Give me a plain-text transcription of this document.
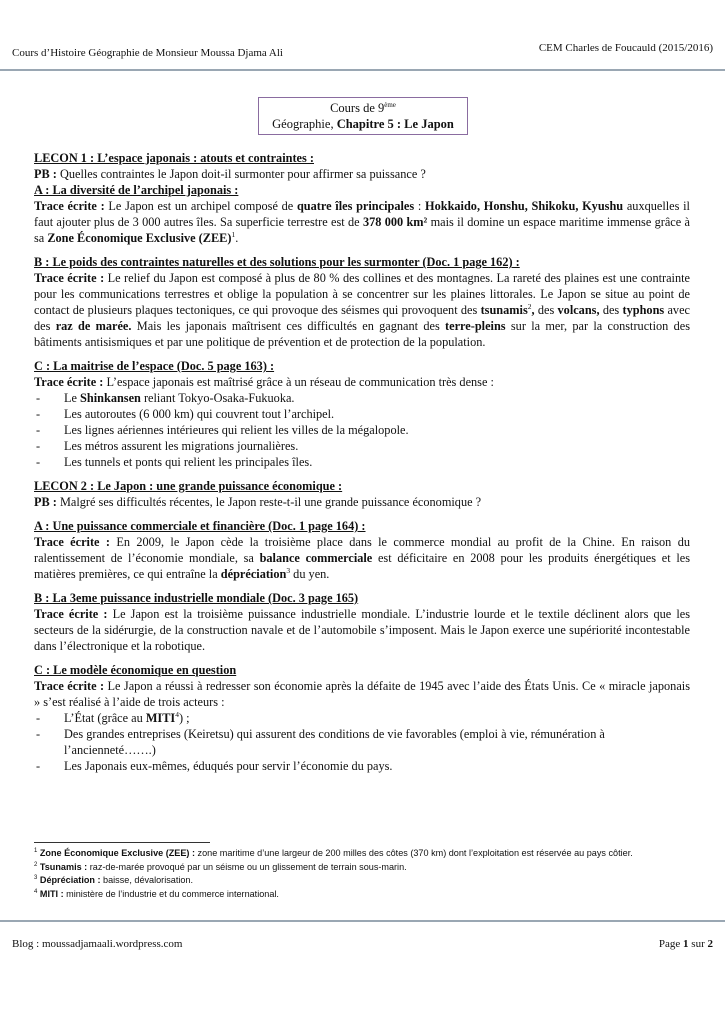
Cours d’Histoire Géographie de Monsieur Moussa Djama Ali	CEM Charles de Foucauld (2015/2016)
Cours de 9ème
Géographie, Chapitre 5 : Le Japon

LECON 1 : L’espace japonais : atouts et contraintes :

PB : Quelles contraintes le Japon doit-il surmonter pour affirmer sa puissance ?

A : La diversité de l’archipel japonais :

Trace écrite : Le Japon est un archipel composé de quatre îles principales : Hokkaido, Honshu, Shikoku, Kyushu auxquelles il faut ajouter plus de 3 000 autres îles. Sa superficie terrestre est de 378 000 km² mais il domine un espace maritime immense grâce à sa Zone Économique Exclusive (ZEE)$^1$.

B : Le poids des contraintes naturelles et des solutions pour les surmonter (Doc. 1 page 162) :

Trace écrite : Le relief du Japon est composé à plus de 80 % des collines et des montagnes. La rareté des plaines est une contrainte pour les communications terrestres et oblige la population à se concentrer sur les plaines littorales. Le Japon se situe au point de contact de plusieurs plaques tectoniques, ce qui provoque des séismes qui provoquent des tsunamis$^2$, des volcans, des typhons avec des raz de marée. Mais les japonais maîtrisent ces difficultés en gagnant des terre-pleins sur la mer, par la construction des bâtiments antisismiques et par une politique de prévention et de protection de la population.

C : La maitrise de l’espace (Doc. 5 page 163) :

Trace écrite : L’espace japonais est maîtrisé grâce à un réseau de communication très dense :

- Le Shinkansen reliant Tokyo-Osaka-Fukuoka.
- Les autoroutes (6 000 km) qui couvrent tout l’archipel.
- Les lignes aériennes intérieures qui relient les villes de la mégalopole.
- Les métros assurent les migrations journalières.
- Les tunnels et ponts qui relient les principales îles.

LECON 2 : Le Japon : une grande puissance économique :

PB : Malgré ses difficultés récentes, le Japon reste-t-il une grande puissance économique ?

A : Une puissance commerciale et financière (Doc. 1 page 164) :

Trace écrite : En 2009, le Japon cède la troisième place dans le commerce mondial au profit de la Chine. En raison du ralentissement de l’économie mondiale, sa balance commerciale est déficitaire en 2008 pour les produits énergétiques et les matières premières, ce qui entraîne la dépréciation$^3$ du yen.

B : La 3eme puissance industrielle mondiale (Doc. 3 page 165)

Trace écrite : Le Japon est la troisième puissance industrielle mondiale. L’industrie lourde et le textile déclinent alors que les secteurs de la sidérurgie, de la construction navale et de l’automobile s’imposent. Mais le Japon exerce une supériorité incontestable dans l’électronique et la robotique.

C : Le modèle économique en question

Trace écrite : Le Japon a réussi à redresser son économie après la défaite de 1945 avec l’aide des États Unis. Ce « miracle japonais » s’est réalisé à l’aide de trois acteurs :

- L’État (grâce au MITI$^4$) ;
- Des grandes entreprises (Keiretsu) qui assurent des conditions de vie favorables (emploi à vie, rémunération à l’ancienneté…….)
- Les Japonais eux-mêmes, éduqués pour servir l’économie du pays.

$^1$ Zone Économique Exclusive (ZEE) : zone maritime d’une largeur de 200 milles des côtes (370 km) dont l’exploitation est réservée au pays côtier.

$^2$ Tsunamis : raz-de-marée provoqué par un séisme ou un glissement de terrain sous-marin.

$^3$ Dépréciation : baisse, dévalorisation.

$^4$ MITI : ministère de l’industrie et du commerce international.

Blog : moussadjamaali.wordpress.com	Page 1 sur 2
